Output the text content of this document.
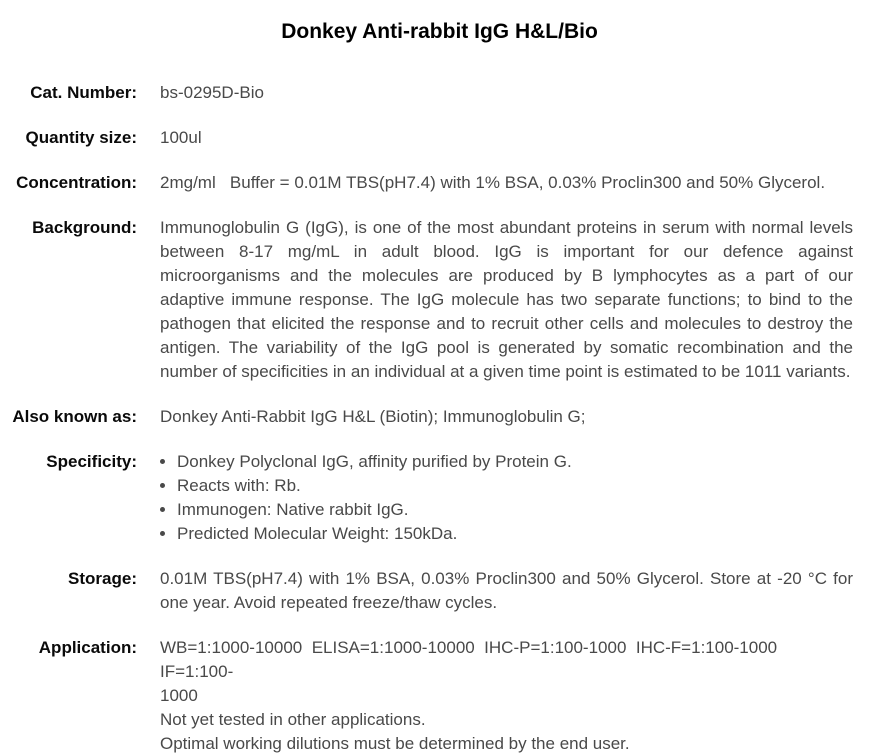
Donkey Anti-rabbit IgG H&L/Bio
Cat. Number: bs-0295D-Bio
Quantity size: 100ul
Concentration: 2mg/ml   Buffer = 0.01M TBS(pH7.4) with 1% BSA, 0.03% Proclin300 and 50% Glycerol.
Background: Immunoglobulin G (IgG), is one of the most abundant proteins in serum with normal levels between 8-17 mg/mL in adult blood. IgG is important for our defence against microorganisms and the molecules are produced by B lymphocytes as a part of our adaptive immune response. The IgG molecule has two separate functions; to bind to the pathogen that elicited the response and to recruit other cells and molecules to destroy the antigen. The variability of the IgG pool is generated by somatic recombination and the number of specificities in an individual at a given time point is estimated to be 1011 variants.
Also known as: Donkey Anti-Rabbit IgG H&L (Biotin); Immunoglobulin G;
Specificity: • Donkey Polyclonal IgG, affinity purified by Protein G.
• Reacts with: Rb.
• Immunogen: Native rabbit IgG.
• Predicted Molecular Weight: 150kDa.
Storage: 0.01M TBS(pH7.4) with 1% BSA, 0.03% Proclin300 and 50% Glycerol. Store at -20 °C for one year. Avoid repeated freeze/thaw cycles.
Application: WB=1:1000-10000  ELISA=1:1000-10000  IHC-P=1:100-1000  IHC-F=1:100-1000  IF=1:100-
1000
Not yet tested in other applications.
Optimal working dilutions must be determined by the end user.
